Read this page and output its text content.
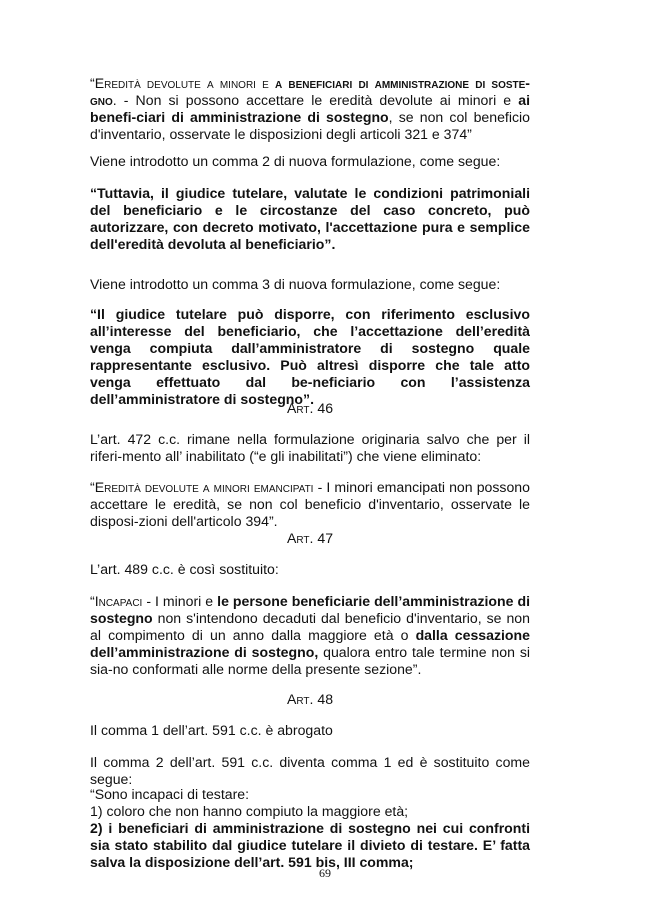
“Eredità devolute a minori e a beneficiari di amministrazione di soste-gno. - Non si possono accettare le eredità devolute ai minori e ai benefi-ciari di amministrazione di sostegno, se non col beneficio d'inventario, osservate le disposizioni degli articoli 321 e 374”

Viene introdotto un comma 2 di nuova formulazione, come segue:

“Tuttavia, il giudice tutelare, valutate le condizioni patrimoniali del beneficiario e le circostanze del caso concreto, può autorizzare, con decreto motivato, l'accettazione pura e semplice dell'eredità devoluta al beneficiario”.

Viene introdotto un comma 3 di nuova formulazione, come segue:

“Il giudice tutelare può disporre, con riferimento esclusivo all’interesse del beneficiario, che l’accettazione dell’eredità venga compiuta dall’amministratore di sostegno quale rappresentante esclusivo. Può altresì disporre che tale atto venga effettuato dal be-neficiario con l’assistenza dell’amministratore di sostegno”.

Art. 46

L’art. 472 c.c. rimane nella formulazione originaria salvo che per il riferi-mento all’ inabilitato (“e gli inabilitati”) che viene eliminato:

“Eredità devolute a minori emancipati - I minori emancipati non possono accettare le eredità, se non col beneficio d'inventario, osservate le disposi-zioni dell'articolo 394”.

Art. 47

L’art. 489 c.c. è così sostituito:

“Incapaci - I minori e le persone beneficiarie dell’amministrazione di sostegno non s'intendono decaduti dal beneficio d'inventario, se non al compimento di un anno dalla maggiore età o dalla cessazione dell’amministrazione di sostegno, qualora entro tale termine non si sia-no conformati alle norme della presente sezione”.

Art. 48

Il comma 1 dell’art. 591 c.c. è abrogato

Il comma 2 dell’art. 591 c.c. diventa comma 1 ed è sostituito come segue:

“Sono incapaci di testare:

1) coloro che non hanno compiuto la maggiore età;

2) i beneficiari di amministrazione di sostegno nei cui confronti sia stato stabilito dal giudice tutelare il divieto di testare. E’ fatta salva la disposizione dell’art. 591 bis, III comma;

69
